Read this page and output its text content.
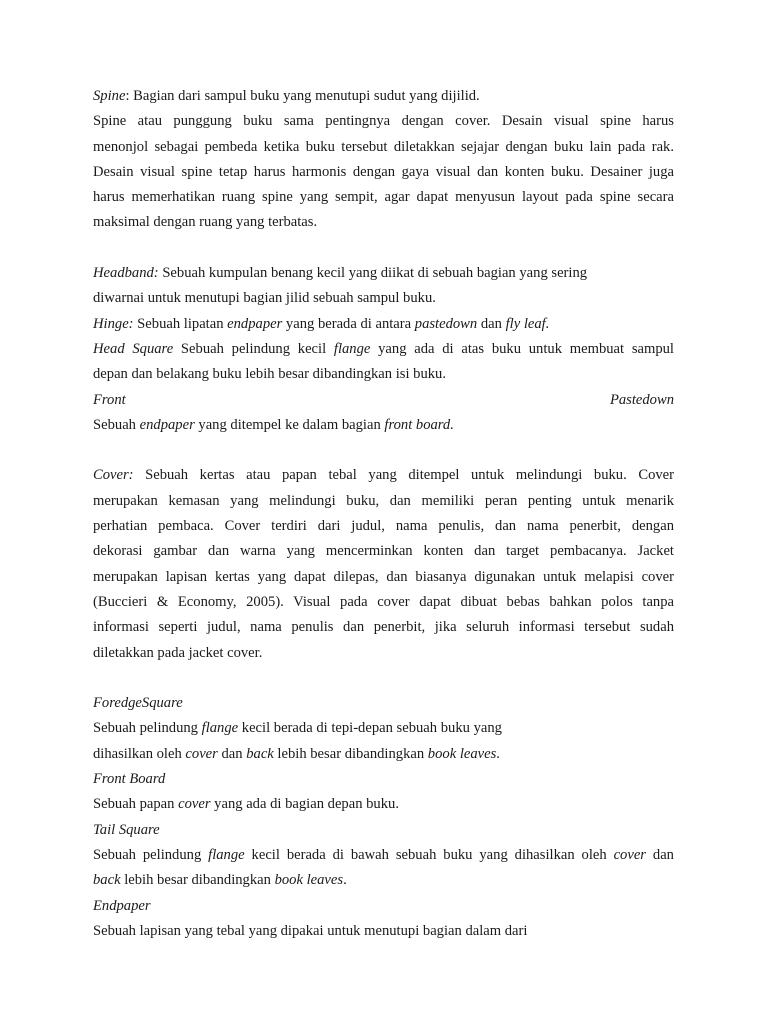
Spine: Bagian dari sampul buku yang menutupi sudut yang dijilid.
Spine atau punggung buku sama pentingnya dengan cover. Desain visual spine harus
menonjol sebagai pembeda ketika buku tersebut diletakkan sejajar dengan buku lain pada rak.
Desain visual spine tetap harus harmonis dengan gaya visual dan konten buku. Desainer juga
harus memerhatikan ruang spine yang sempit, agar dapat menyusun layout pada spine secara
maksimal dengan ruang yang terbatas.
Headband: Sebuah kumpulan benang kecil yang diikat di sebuah bagian yang sering
diwarnai untuk menutupi bagian jilid sebuah sampul buku.
Hinge: Sebuah lipatan endpaper yang berada di antara pastedown dan fly leaf.
Head Square Sebuah pelindung kecil flange yang ada di atas buku untuk membuat sampul
depan dan belakang buku lebih besar dibandingkan isi buku.
Front	Pastedown
Sebuah endpaper yang ditempel ke dalam bagian front board.
Cover: Sebuah kertas atau papan tebal yang ditempel untuk melindungi buku. Cover
merupakan kemasan yang melindungi buku, dan memiliki peran penting untuk menarik
perhatian pembaca. Cover terdiri dari judul, nama penulis, dan nama penerbit, dengan
dekorasi gambar dan warna yang mencerminkan konten dan target pembacanya. Jacket
merupakan lapisan kertas yang dapat dilepas, dan biasanya digunakan untuk melapisi cover
(Buccieri & Economy, 2005). Visual pada cover dapat dibuat bebas bahkan polos tanpa
informasi seperti judul, nama penulis dan penerbit, jika seluruh informasi tersebut sudah
diletakkan pada jacket cover.
ForedgeSquare
Sebuah pelindung flange kecil berada di tepi-depan sebuah buku yang
dihasilkan oleh cover dan back lebih besar dibandingkan book leaves.
Front Board
Sebuah papan cover yang ada di bagian depan buku.
Tail Square
Sebuah pelindung flange kecil berada di bawah sebuah buku yang dihasilkan oleh cover dan
back lebih besar dibandingkan book leaves.
Endpaper
Sebuah lapisan yang tebal yang dipakai untuk menutupi bagian dalam dari
